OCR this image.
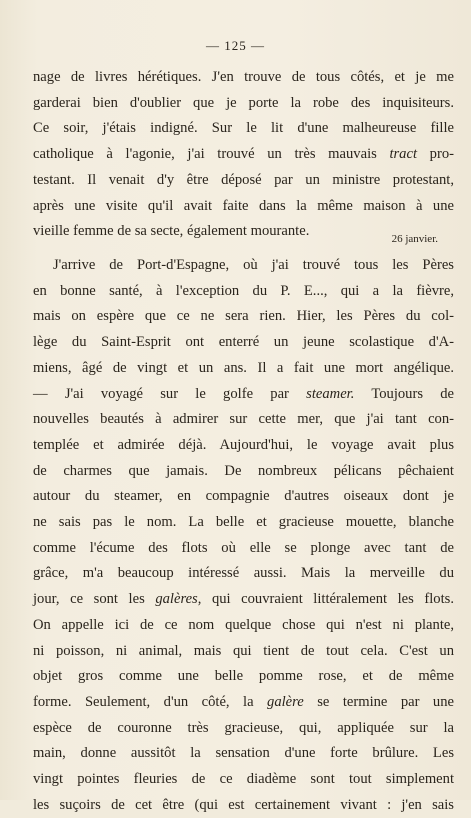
— 125 —
nage de livres hérétiques. J'en trouve de tous côtés, et je me
garderai bien d'oublier que je porte la robe des inquisiteurs.
Ce soir, j'étais indigné. Sur le lit d'une malheureuse fille
catholique à l'agonie, j'ai trouvé un très mauvais tract pro-
testant. Il venait d'y être déposé par un ministre protestant,
après une visite qu'il avait faite dans la même maison à une
vieille femme de sa secte, également mourante.	26 janvier.
J'arrive de Port-d'Espagne, où j'ai trouvé tous les Pères
en bonne santé, à l'exception du P. E..., qui a la fièvre,
mais on espère que ce ne sera rien. Hier, les Pères du col-
lège du Saint-Esprit ont enterré un jeune scolastique d'A-
miens, âgé de vingt et un ans. Il a fait une mort angélique.
— J'ai voyagé sur le golfe par steamer. Toujours de
nouvelles beautés à admirer sur cette mer, que j'ai tant con-
templée et admirée déjà. Aujourd'hui, le voyage avait plus
de charmes que jamais. De nombreux pélicans pêchaient
autour du steamer, en compagnie d'autres oiseaux dont je
ne sais pas le nom. La belle et gracieuse mouette, blanche
comme l'écume des flots où elle se plonge avec tant de
grâce, m'a beaucoup intéressé aussi. Mais la merveille du
jour, ce sont les galères, qui couvraient littéralement les flots.
On appelle ici de ce nom quelque chose qui n'est ni plante,
ni poisson, ni animal, mais qui tient de tout cela. C'est un
objet gros comme une belle pomme rose, et de même
forme. Seulement, d'un côté, la galère se termine par une
espèce de couronne très gracieuse, qui, appliquée sur la
main, donne aussitôt la sensation d'une forte brûlure. Les
vingt pointes fleuries de ce diadème sont tout simplement
les suçoirs de cet être (qui est certainement vivant : j'en sais
